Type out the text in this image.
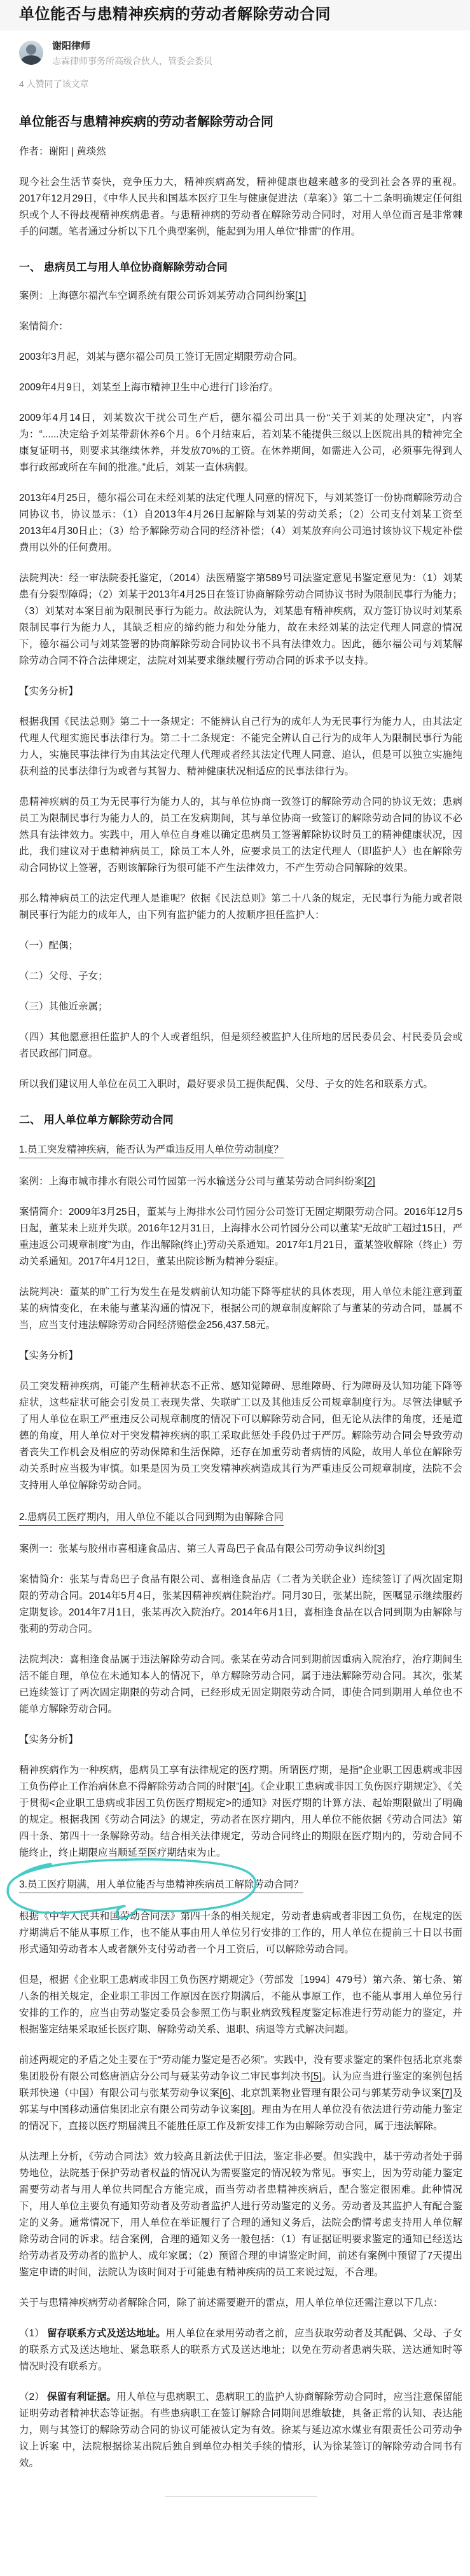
单位能否与患精神疾病的劳动者解除劳动合同
谢阳律师
志霖律师事务所高级合伙人，管委会委员
4 人赞同了该文章
单位能否与患精神疾病的劳动者解除劳动合同

作者：谢阳 | 黄琰然

现今社会生活节奏快，竞争压力大，精神疾病高发，精神健康也越来越多的受到社会各界的重视。2017年12月29日，《中华人民共和国基本医疗卫生与健康促进法（草案）》第二十二条明确规定任何组织或个人不得歧视精神疾病患者。与患精神病的劳动者在解除劳动合同时，对用人单位而言是非常棘手的问题。笔者通过分析以下几个典型案例，能起到为用人单位“排雷”的作用。

一、 患病员工与用人单位协商解除劳动合同

案例：上海德尔福汽车空调系统有限公司诉刘某劳动合同纠纷案[1]

案情简介：

2003年3月起，刘某与德尔福公司员工签订无固定期限劳动合同。

2009年4月9日，刘某至上海市精神卫生中心进行门诊治疗。

2009年4月14日，刘某数次干扰公司生产后，德尔福公司出具一份“关于刘某的处理决定”，内容为：“......决定给予刘某带薪休养6个月。6个月结束后，若刘某不能提供三级以上医院出具的精神完全康复证明书，则要求其继续休养，并发放70%的工资。在休养期间，如需进入公司，必须事先得到人事行政部或所在车间的批准。”此后，刘某一直休病假。

2013年4月25日，德尔福公司在未经刘某的法定代理人同意的情况下，与刘某签订一份协商解除劳动合同协议书，协议显示：（1）自2013年4月26日起解除与刘某的劳动关系；（2）公司支付刘某工资至2013年4月30日止；（3）给予解除劳动合同的经济补偿；（4）刘某放弃向公司追讨该协议下规定补偿费用以外的任何费用。

法院判决：经一审法院委托鉴定，（2014）法医精鉴字第589号司法鉴定意见书鉴定意见为：（1）刘某患有分裂型障碍；（2）刘某于2013年4月25日在签订协商解除劳动合同协议书时为限制民事行为能力；（3）刘某对本案目前为限制民事行为能力。故法院认为，刘某患有精神疾病，双方签订协议时刘某系限制民事行为能力人，其缺乏相应的缔约能力和处分能力，故在未经刘某的法定代理人同意的情况下，德尔福公司与刘某签署的协商解除劳动合同协议书不具有法律效力。因此，德尔福公司与刘某解除劳动合同不符合法律规定，法院对刘某要求继续履行劳动合同的诉求予以支持。

【实务分析】

根据我国《民法总则》第二十一条规定：不能辨认自己行为的成年人为无民事行为能力人，由其法定代理人代理实施民事法律行为。第二十二条规定：不能完全辨认自己行为的成年人为限制民事行为能力人，实施民事法律行为由其法定代理人代理或者经其法定代理人同意、追认，但是可以独立实施纯获利益的民事法律行为或者与其智力、精神健康状况相适应的民事法律行为。

患精神疾病的员工为无民事行为能力人的，其与单位协商一致签订的解除劳动合同的协议无效；患病员工为限制民事行为能力人的，员工在发病期间，其与单位协商一致签订的解除劳动合同的协议不必然具有法律效力。实践中，用人单位自身难以确定患病员工签署解除协议时员工的精神健康状况，因此，我们建议对于患精神病员工，除员工本人外，应要求员工的法定代理人（即监护人）也在解除劳动合同协议上签署，否则该解除行为很可能不产生法律效力，不产生劳动合同解除的效果。

那么精神病员工的法定代理人是谁呢？依据《民法总则》第二十八条的规定，无民事行为能力或者限制民事行为能力的成年人，由下列有监护能力的人按顺序担任监护人：

（一）配偶；

（二）父母、子女；

（三）其他近亲属；

（四）其他愿意担任监护人的个人或者组织，但是须经被监护人住所地的居民委员会、村民委员会或者民政部门同意。

所以我们建议用人单位在员工入职时，最好要求员工提供配偶、父母、子女的姓名和联系方式。

二、 用人单位单方解除劳动合同

1.员工突发精神疾病，能否认为严重违反用人单位劳动制度？

案例：上海市城市排水有限公司竹园第一污水输送分公司与董某劳动合同纠纷案[2]

案情简介：2009年3月25日，董某与上海排水公司竹园分公司签订无固定期限劳动合同。2016年12月5日起，董某未上班并失联。2016年12月31日，上海排水公司竹园分公司以董某“无故旷工超过15日，严重违返公司规章制度”为由，作出解除(终止)劳动关系通知。2017年1月21日，董某签收解除（终止）劳动关系通知。2017年4月12日，董某出院诊断为精神分裂症。

法院判决：董某的旷工行为发生在是发病前认知功能下降等症状的具体表现，用人单位未能注意到董某的病情变化，在未能与董某沟通的情况下，根据公司的规章制度解除了与董某的劳动合同，显属不当，应当支付违法解除劳动合同经济赔偿金256,437.58元。

【实务分析】

员工突发精神疾病，可能产生精神状态不正常、感知觉障碍、思维障碍、行为障碍及认知功能下降等症状，这些症状可能会引发员工表现失常、失联旷工以及其他违反公司规章制度行为。尽管法律赋予了用人单位在职工严重违反公司规章制度的情况下可以解除劳动合同，但无论从法律的角度，还是道德的角度，用人单位对于突发精神疾病的职工采取此惩处手段仍过于严厉。解除劳动合同会导致劳动者丧失工作机会及相应的劳动保障和生活保障，还存在加重劳动者病情的风险，故用人单位在解除劳动关系时应当极为审慎。如果是因为员工突发精神疾病造成其行为严重违反公司规章制度，法院不会支持用人单位解除劳动合同。

2.患病员工医疗期内，用人单位不能以合同到期为由解除合同

案例一：张某与胶州市喜相逢食品店、第三人青岛巴子食品有限公司劳动争议纠纷[3]

案情简介：张某与青岛巴子食品有限公司、喜相逢食品店（二者为关联企业）连续签订了两次固定期限的劳动合同。2014年5月4日，张某因精神疾病住院治疗。同月30日，张某出院，医嘱显示继续服药定期复诊。2014年7月1日，张某再次入院治疗。2014年6月1日，喜相逢食品在以合同到期为由解除与张莉的劳动合同。

法院判决：喜相逢食品属于违法解除劳动合同。张某在劳动合同到期前因重病入院治疗，治疗期间生活不能自理，单位在未通知本人的情况下，单方解除劳动合同，属于违法解除劳动合同。其次，张某已连续签订了两次固定期限的劳动合同，已经形成无固定期限劳动合同，即使合同到期用人单位也不能单方解除劳动合同。

【实务分析】

精神疾病作为一种疾病，患病员工享有法律规定的医疗期。所谓医疗期，是指“企业职工因患病或非因工负伤停止工作治病休息不得解除劳动合同的时限”[4]。《企业职工患病或非因工负伤医疗期规定》、《关于贯彻<企业职工患病或非因工负伤医疗期规定>的通知》对医疗期的计算方法、起始期限做出了明确的规定。根据我国《劳动合同法》的规定，劳动者在医疗期内，用人单位不能依据《劳动合同法》第四十条、第四十一条解除劳动。结合相关法律规定，劳动合同终止的期限在医疗期内的，劳动合同不能终止，终止期限应当顺延至医疗期结束为止。

3.员工医疗期满，用人单位能否与患精神疾病员工解除劳动合同？

根据《中华人民共和国劳动合同法》第四十条的相关规定，劳动者患病或者非因工负伤，在规定的医疗期满后不能从事原工作，也不能从事由用人单位另行安排的工作的，用人单位在提前三十日以书面形式通知劳动者本人或者额外支付劳动者一个月工资后，可以解除劳动合同。

但是，根据《企业职工患病或非因工负伤医疗期规定》（劳部发〔1994〕479号）第六条、第七条、第八条的相关规定，企业职工非因工作原因在医疗期满后，不能从事原工作，也不能从事用人单位另行安排的工作的，应当由劳动鉴定委员会参照工伤与职业病致残程度鉴定标准进行劳动能力的鉴定，并根据鉴定结果采取延长医疗期、解除劳动关系、退职、病退等方式解决问题。

前述两规定的矛盾之处主要在于“劳动能力鉴定是否必须”。实践中，没有要求鉴定的案件包括北京兆泰集团股份有限公司悠唐酒店分公司与聂某劳动争议二审民事判决书[5]。认为应当进行鉴定的案例包括联邦快递（中国）有限公司与张某劳动争议案[6]、北京凯莱物业管理有限公司与郭某劳动争议案[7]及郭某与中国移动通信集团北京有限公司劳动争议案[8]。理由为在用人单位没有依法进行劳动能力鉴定的情况下，直接以医疗期届满且不能胜任原工作及新安排工作为由解除劳动合同，属于违法解除。

从法理上分析，《劳动合同法》效力较高且新法优于旧法，鉴定非必要。但实践中，基于劳动者处于弱势地位，法院基于保护劳动者权益的情况认为需要鉴定的情况较为常见。事实上，因为劳动能力鉴定需要劳动者与用人单位共同配合方能完成，而当劳动者患精神疾病后，配合鉴定很困难。此种情况下，用人单位主要负有通知劳动者及劳动者监护人进行劳动鉴定的义务。劳动者及其监护人有配合鉴定的义务。通常情况下，用人单位在举证履行了合理的通知义务后，法院会酌情考虑支持用人单位解除劳动合同的诉求。结合案例，合理的通知义务一般包括：（1）有证据证明要求鉴定的通知已经送达给劳动者及劳动者的监护人、成年家属；（2）预留合理的申请鉴定时间，前述有案例中预留了7天提出鉴定申请的时间，法院认为该时间对于可能患有精神疾病的员工来说过短，不合理。

关于与患精神疾病劳动者解除合同，除了前述需要避开的雷点，用人单位单位还需注意以下几点：

（1） 留存联系方式及送达地址。用人单位在录用劳动者之前，应当获取劳动者及其配偶、父母、子女的联系方式及送达地址、紧急联系人的联系方式及送达地址；以免在劳动者患病失联、送达通知时等情况时没有联系方。

（2） 保留有利证据。用人单位与患病职工、患病职工的监护人协商解除劳动合同时，应当注意保留能证明劳动者精神状态等证据。有些患病职工在签订解除合同期间思维敏捷，具备正常的认知、表达能力，则与其签订的解除劳动合同的协议可能被认定为有效。徐某与延边凉水煤业有限责任公司劳动争议上诉案 中，法院根据徐某出院后独自到单位办相关手续的情形，认为徐某签订的解除劳动合同书有效。
